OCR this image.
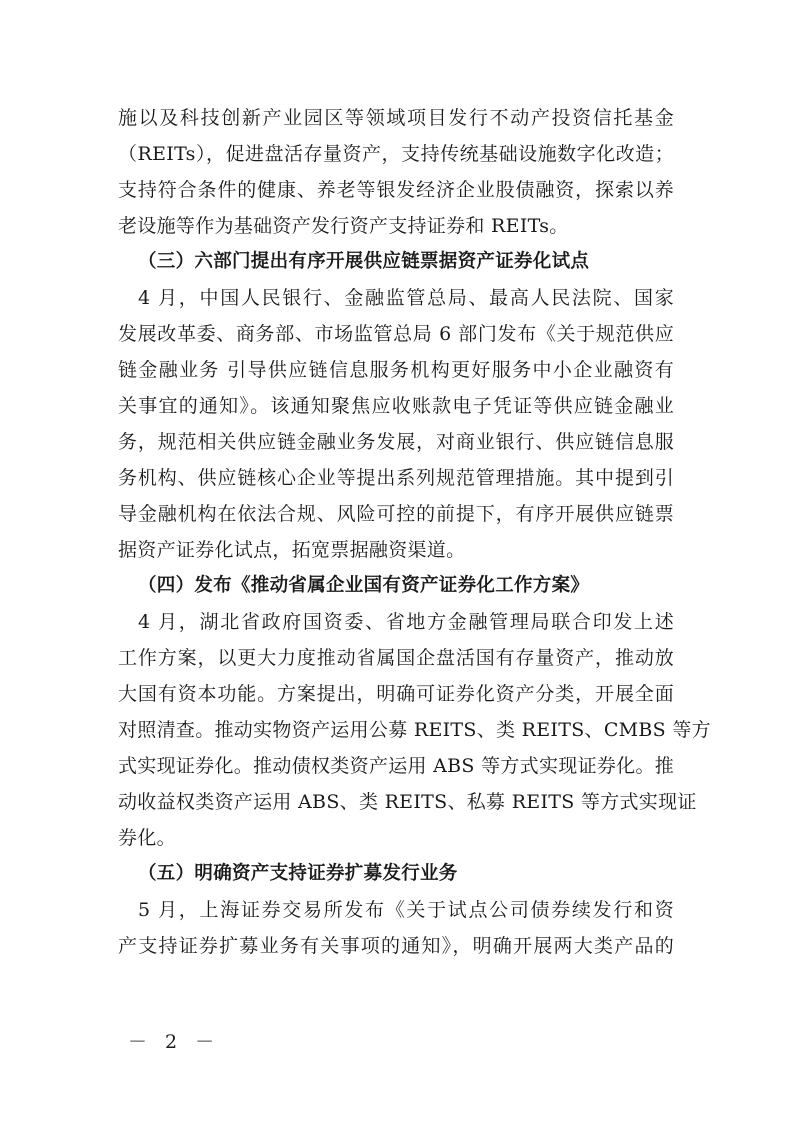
施以及科技创新产业园区等领域项目发行不动产投资信托基金
（REITs），促进盘活存量资产，支持传统基础设施数字化改造；
支持符合条件的健康、养老等银发经济企业股债融资，探索以养
老设施等作为基础资产发行资产支持证券和 REITs。
（三）六部门提出有序开展供应链票据资产证券化试点
4 月，中国人民银行、金融监管总局、最高人民法院、国家
发展改革委、商务部、市场监管总局 6 部门发布《关于规范供应
链金融业务 引导供应链信息服务机构更好服务中小企业融资有
关事宜的通知》。该通知聚焦应收账款电子凭证等供应链金融业
务，规范相关供应链金融业务发展，对商业银行、供应链信息服
务机构、供应链核心企业等提出系列规范管理措施。其中提到引
导金融机构在依法合规、风险可控的前提下，有序开展供应链票
据资产证券化试点，拓宽票据融资渠道。
（四）发布《推动省属企业国有资产证券化工作方案》
4 月，湖北省政府国资委、省地方金融管理局联合印发上述
工作方案，以更大力度推动省属国企盘活国有存量资产，推动放
大国有资本功能。方案提出，明确可证券化资产分类，开展全面
对照清查。推动实物资产运用公募 REITS、类 REITS、CMBS 等方
式实现证券化。推动债权类资产运用 ABS 等方式实现证券化。推
动收益权类资产运用 ABS、类 REITS、私募 REITS 等方式实现证
券化。
（五）明确资产支持证券扩募发行业务
5 月，上海证券交易所发布《关于试点公司债券续发行和资
产支持证券扩募业务有关事项的通知》，明确开展两大类产品的
－ 2 －
